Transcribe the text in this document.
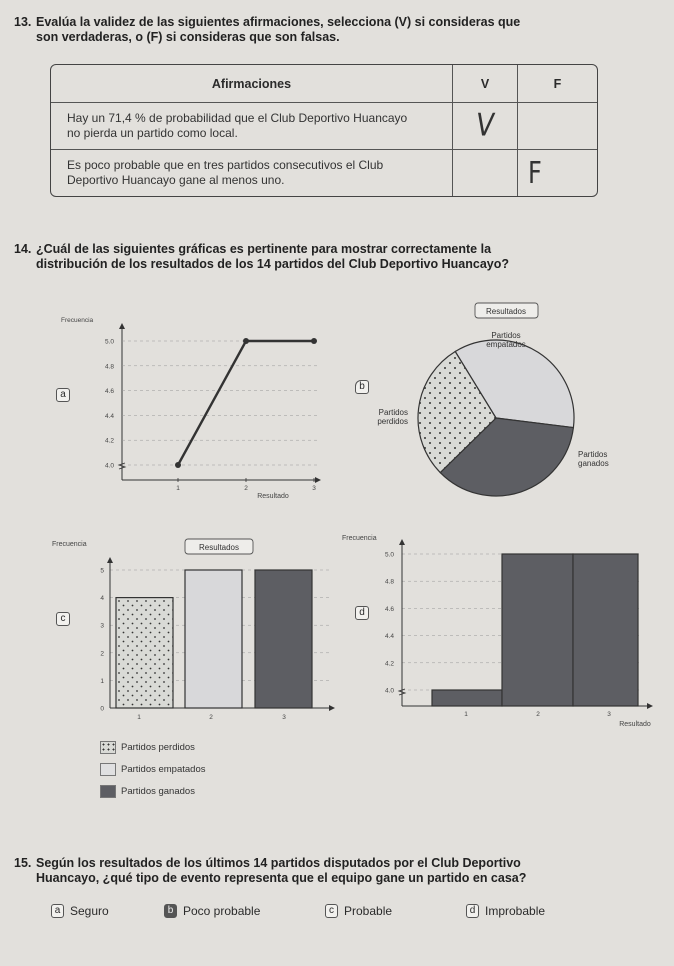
13. Evalúa la validez de las siguientes afirmaciones, selecciona (V) si consideras que
son verdaderas, o (F) si consideras que son falsas.
Afirmaciones	V	F
Hay un 71,4 % de probabilidad que el Club Deportivo Huancayo
no pierda un partido como local.	V	
Es poco probable que en tres partidos consecutivos el Club
Deportivo Huancayo gane al menos uno.		F
14. ¿Cuál de las siguientes gráficas es pertinente para mostrar correctamente la
distribución de los resultados de los 14 partidos del Club Deportivo Huancayo?
a
b
c
d
Frecuencia
4.0
4.2
4.4
4.6
4.8
5.0
1	2	3
Resultado
Resultados
Partidos
empatados
Partidos
perdidos
Partidos
ganados
Frecuencia	Resultados
0
1
2
3
4
5
1	2	3
Frecuencia
4.0
4.2
4.4
4.6
4.8
5.0
1	2	3
Resultado
Partidos perdidos
Partidos empatados
Partidos ganados
15. Según los resultados de los últimos 14 partidos disputados por el Club Deportivo
Huancayo, ¿qué tipo de evento representa que el equipo gane un partido en casa?
a Seguro	b Poco probable	c Probable	d Improbable
